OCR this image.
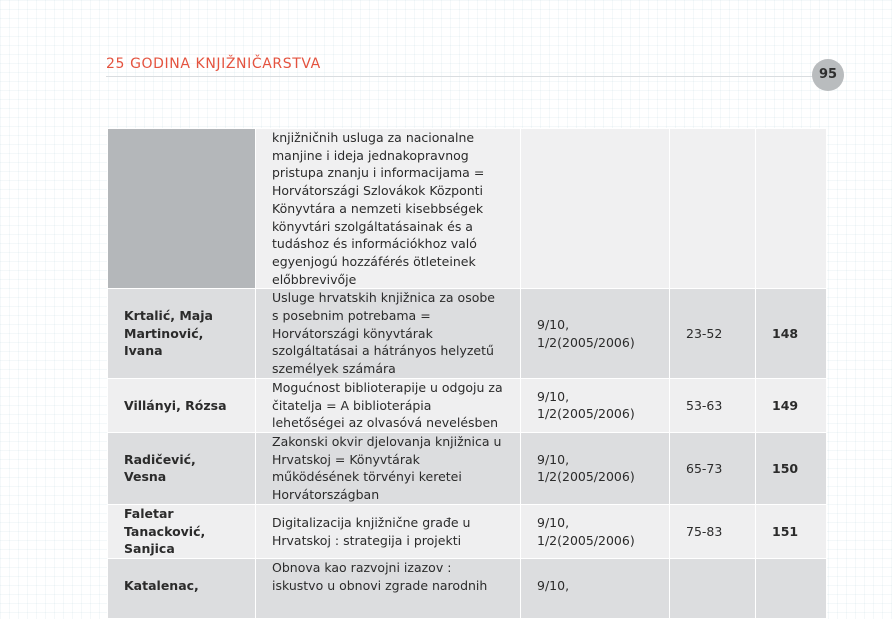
25 GODINA KNJIŽNIČARSTVA
95
	knjižničnih usluga za nacionalne manjine i ideja jednakopravnog pristupa znanju i informacijama = Horvátországi Szlovákok Központi Könyvtára a nemzeti kisebbségek könyvtári szolgáltatásainak és a tudáshoz és információkhoz való egyenjogú hozzáférés ötleteinek előbbrevivője			
Krtalić, Maja Martinović, Ivana	Usluge hrvatskih knjižnica za osobe s posebnim potrebama = Horvátországi könyvtárak szolgáltatásai a hátrányos helyzetű személyek számára	9/10, 1/2(2005/2006)	23-52	148
Villányi, Rózsa	Mogućnost biblioterapije u odgoju za čitatelja = A biblioterápia lehetőségei az olvasóvá nevelésben	9/10, 1/2(2005/2006)	53-63	149
Radičević, Vesna	Zakonski okvir djelovanja knjižnica u Hrvatskoj = Könyvtárak működésének törvényi keretei Horvátországban	9/10, 1/2(2005/2006)	65-73	150
Faletar Tanacković, Sanjica	Digitalizacija knjižnične građe u Hrvatskoj : strategija i projekti	9/10, 1/2(2005/2006)	75-83	151
Katalenac,	Obnova kao razvojni izazov : iskustvo u obnovi zgrade narodnih	9/10,		
